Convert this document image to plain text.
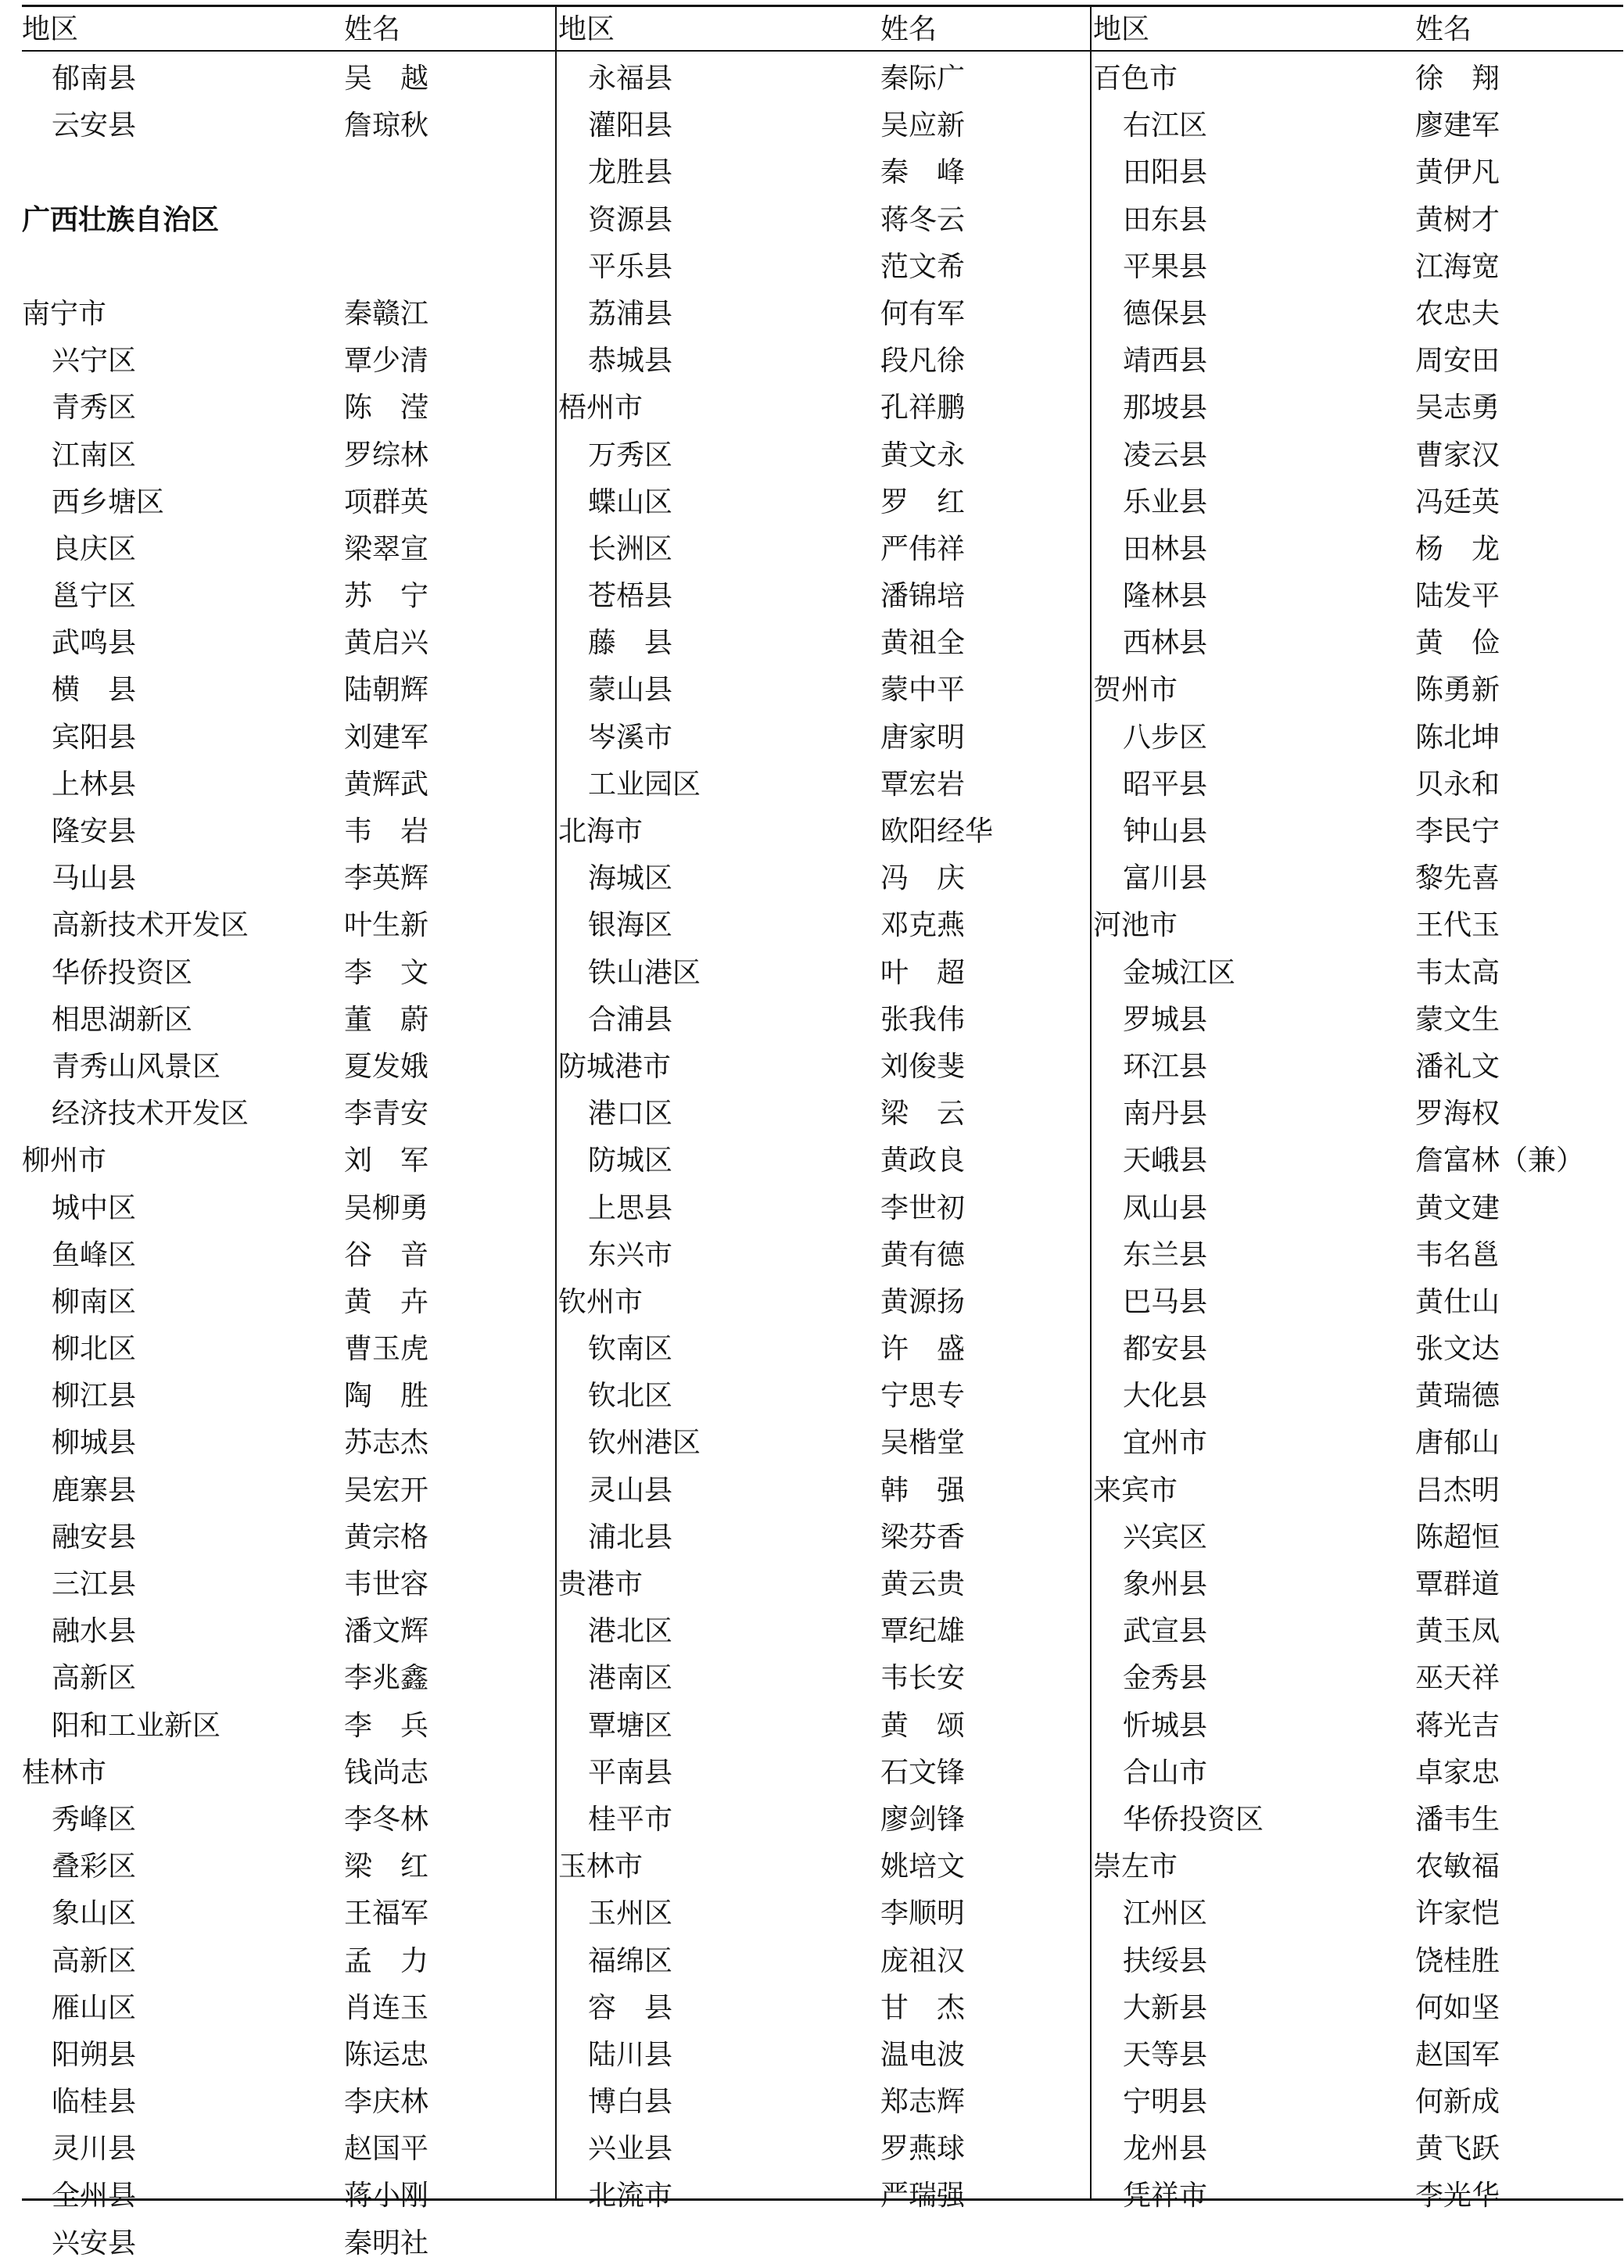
地区	姓名
郁南县	吴　越
云安县	詹琼秋
广西壮族自治区
南宁市	秦赣江
兴宁区	覃少清
青秀区	陈　滢
江南区	罗综林
西乡塘区	项群英
良庆区	梁翠宣
邕宁区	苏　宁
武鸣县	黄启兴
横　县	陆朝辉
宾阳县	刘建军
上林县	黄辉武
隆安县	韦　岩
马山县	李英辉
高新技术开发区	叶生新
华侨投资区	李　文
相思湖新区	董　蔚
青秀山风景区	夏发娥
经济技术开发区	李青安
柳州市	刘　军
城中区	吴柳勇
鱼峰区	谷　音
柳南区	黄　卉
柳北区	曹玉虎
柳江县	陶　胜
柳城县	苏志杰
鹿寨县	吴宏开
融安县	黄宗格
三江县	韦世容
融水县	潘文辉
高新区	李兆鑫
阳和工业新区	李　兵
桂林市	钱尚志
秀峰区	李冬林
叠彩区	梁　红
象山区	王福军
高新区	孟　力
雁山区	肖连玉
阳朔县	陈运忠
临桂县	李庆林
灵川县	赵国平
全州县	蒋小刚
兴安县	秦明社
地区	姓名
永福县	秦际广
灌阳县	吴应新
龙胜县	秦　峰
资源县	蒋冬云
平乐县	范文希
荔浦县	何有军
恭城县	段凡徐
梧州市	孔祥鹏
万秀区	黄文永
蝶山区	罗　红
长洲区	严伟祥
苍梧县	潘锦培
藤　县	黄祖全
蒙山县	蒙中平
岑溪市	唐家明
工业园区	覃宏岩
北海市	欧阳经华
海城区	冯　庆
银海区	邓克燕
铁山港区	叶　超
合浦县	张我伟
防城港市	刘俊斐
港口区	梁　云
防城区	黄政良
上思县	李世初
东兴市	黄有德
钦州市	黄源扬
钦南区	许　盛
钦北区	宁思专
钦州港区	吴楷堂
灵山县	韩　强
浦北县	梁芬香
贵港市	黄云贵
港北区	覃纪雄
港南区	韦长安
覃塘区	黄　颂
平南县	石文锋
桂平市	廖剑锋
玉林市	姚培文
玉州区	李顺明
福绵区	庞祖汉
容　县	甘　杰
陆川县	温电波
博白县	郑志辉
兴业县	罗燕球
北流市	严瑞强
地区	姓名
百色市	徐　翔
右江区	廖建军
田阳县	黄伊凡
田东县	黄树才
平果县	江海宽
德保县	农忠夫
靖西县	周安田
那坡县	吴志勇
凌云县	曹家汉
乐业县	冯廷英
田林县	杨　龙
隆林县	陆发平
西林县	黄　俭
贺州市	陈勇新
八步区	陈北坤
昭平县	贝永和
钟山县	李民宁
富川县	黎先喜
河池市	王代玉
金城江区	韦太高
罗城县	蒙文生
环江县	潘礼文
南丹县	罗海权
天峨县	詹富林（兼）
凤山县	黄文建
东兰县	韦名邕
巴马县	黄仕山
都安县	张文达
大化县	黄瑞德
宜州市	唐郁山
来宾市	吕杰明
兴宾区	陈超恒
象州县	覃群道
武宣县	黄玉凤
金秀县	巫天祥
忻城县	蒋光吉
合山市	卓家忠
华侨投资区	潘韦生
崇左市	农敏福
江州区	许家恺
扶绥县	饶桂胜
大新县	何如坚
天等县	赵国军
宁明县	何新成
龙州县	黄飞跃
凭祥市	李光华
